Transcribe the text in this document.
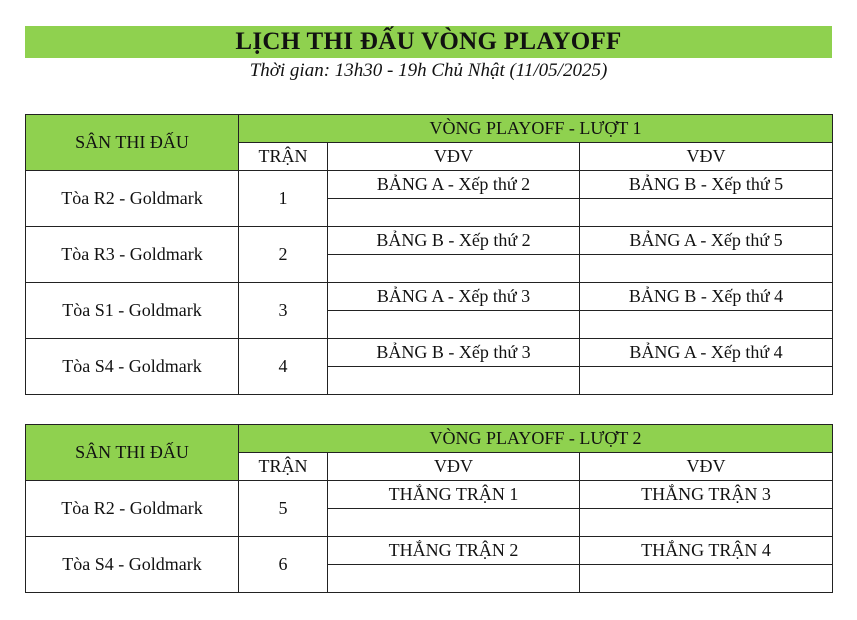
LỊCH THI ĐẤU VÒNG PLAYOFF
Thời gian: 13h30 - 19h Chủ Nhật (11/05/2025)
SÂN THI ĐẤU	VÒNG PLAYOFF - LƯỢT 1		
	TRẬN	VĐV	VĐV
Tòa R2 - Goldmark	1	BẢNG A - Xếp thứ 2	BẢNG B - Xếp thứ 5

Tòa R3 - Goldmark	2	BẢNG B - Xếp thứ 2	BẢNG A - Xếp thứ 5

Tòa S1 - Goldmark	3	BẢNG A - Xếp thứ 3	BẢNG B - Xếp thứ 4

Tòa S4 - Goldmark	4	BẢNG B - Xếp thứ 3	BẢNG A - Xếp thứ 4

SÂN THI ĐẤU	VÒNG PLAYOFF - LƯỢT 2		
	TRẬN	VĐV	VĐV
Tòa R2 - Goldmark	5	THẮNG TRẬN 1	THẮNG TRẬN 3

Tòa S4 - Goldmark	6	THẮNG TRẬN 2	THẮNG TRẬN 4
